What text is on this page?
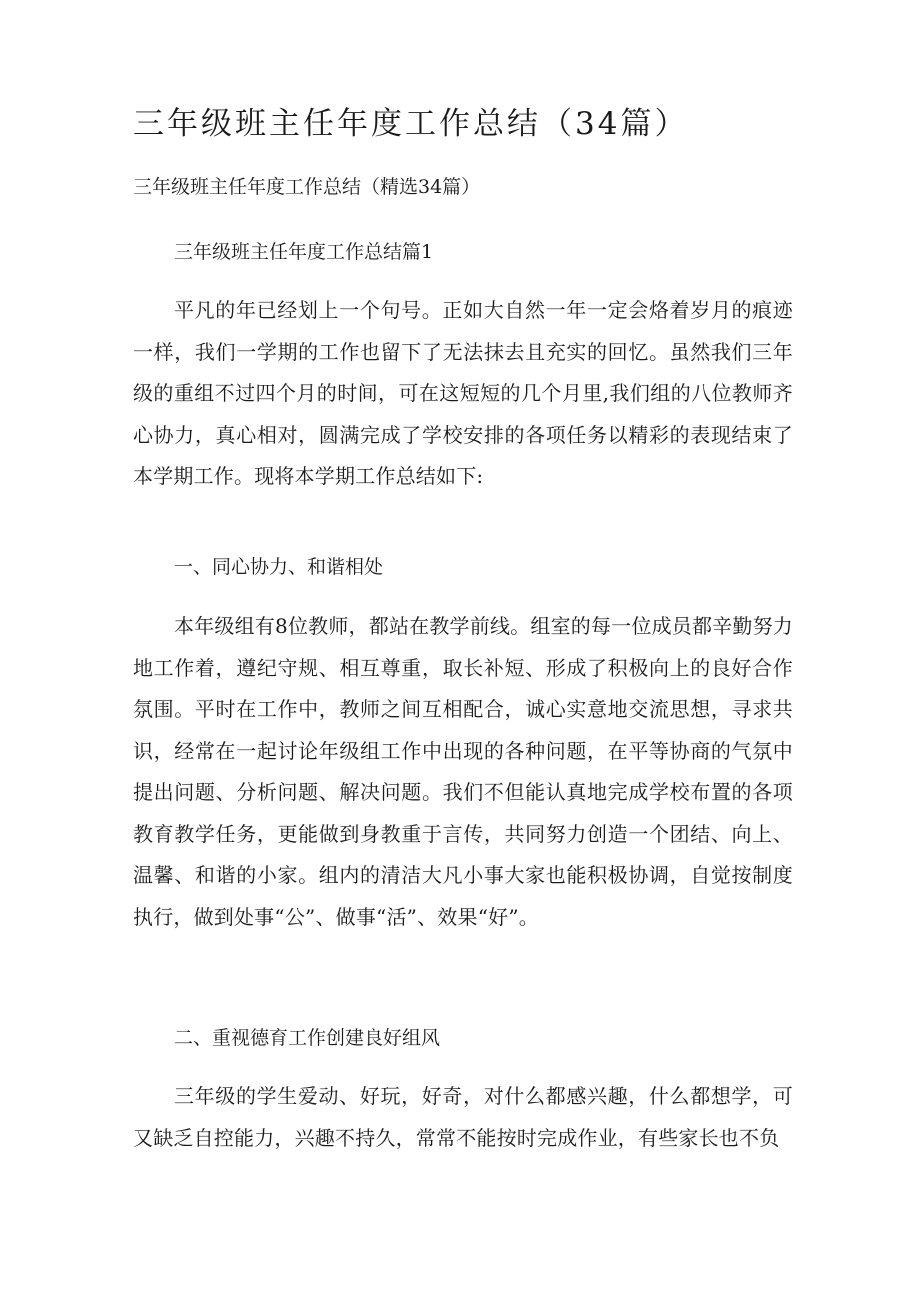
三年级班主任年度工作总结（34篇）
三年级班主任年度工作总结（精选34篇）
三年级班主任年度工作总结篇1
平凡的年已经划上一个句号。正如大自然一年一定会烙着岁月的痕迹一样，我们一学期的工作也留下了无法抹去且充实的回忆。虽然我们三年级的重组不过四个月的时间，可在这短短的几个月里,我们组的八位教师齐心协力，真心相对，圆满完成了学校安排的各项任务以精彩的表现结束了本学期工作。现将本学期工作总结如下:
一、同心协力、和谐相处
本年级组有8位教师，都站在教学前线。组室的每一位成员都辛勤努力地工作着，遵纪守规、相互尊重，取长补短、形成了积极向上的良好合作氛围。平时在工作中，教师之间互相配合，诚心实意地交流思想，寻求共识，经常在一起讨论年级组工作中出现的各种问题，在平等协商的气氛中提出问题、分析问题、解决问题。我们不但能认真地完成学校布置的各项教育教学任务，更能做到身教重于言传，共同努力创造一个团结、向上、温馨、和谐的小家。组内的清洁大凡小事大家也能积极协调，自觉按制度执行，做到处事“公”、做事“活”、效果“好”。
二、重视德育工作创建良好组风
三年级的学生爱动、好玩，好奇，对什么都感兴趣，什么都想学，可又缺乏自控能力，兴趣不持久，常常不能按时完成作业，有些家长也不负
